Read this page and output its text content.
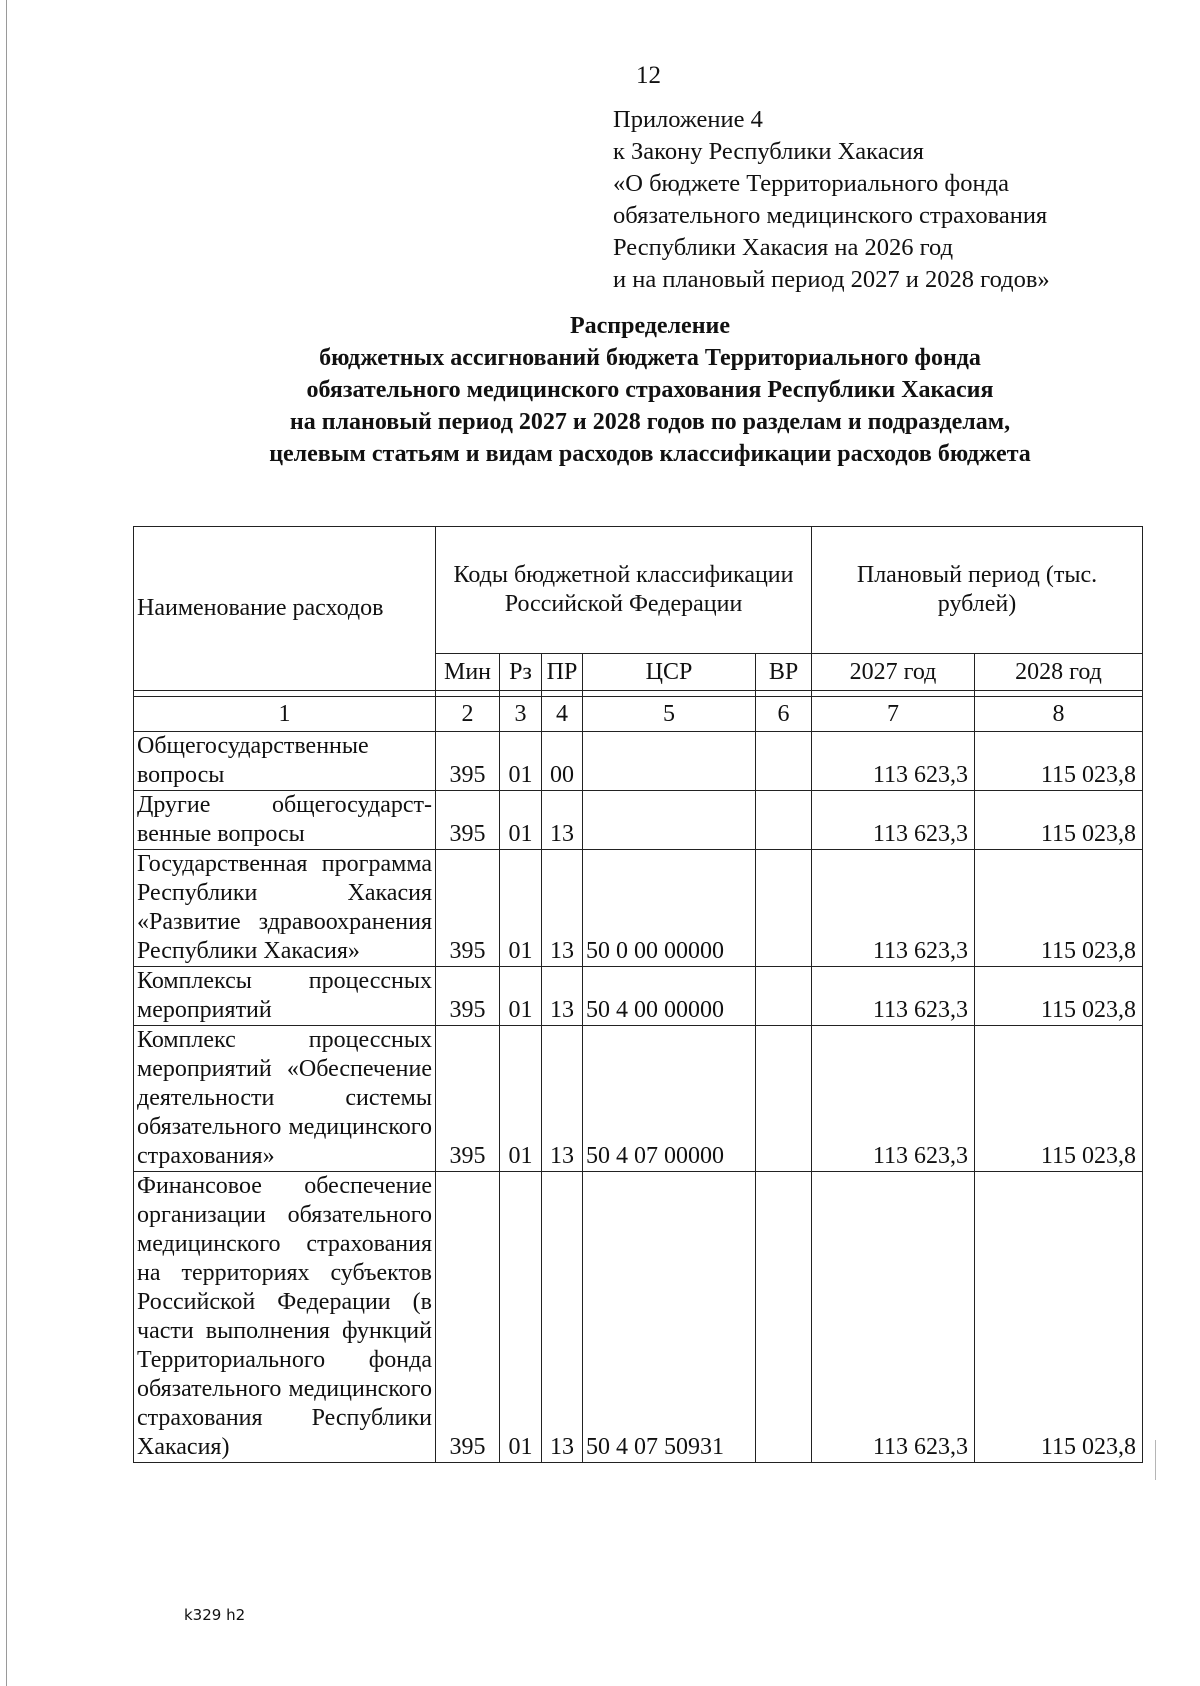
12
Приложение 4
к Закону Республики Хакасия
«О бюджете Территориального фонда
обязательного медицинского страхования
Республики Хакасия на 2026 год
и на плановый период 2027 и 2028 годов»
Распределение
бюджетных ассигнований бюджета Территориального фонда
обязательного медицинского страхования Республики Хакасия
на плановый период 2027 и 2028 годов по разделам и подразделам,
целевым статьям и видам расходов классификации расходов бюджета
Наименование расходов	Коды бюджетной классификации Российской Федерации					Плановый период (тыс. рублей)	
	Мин	Рз	ПР	ЦСР	ВР	2027 год	2028 год

1	2	3	4	5	6	7	8
Общегосударственные вопросы	395	01	00			113 623,3	115 023,8
Другие общегосударственные вопросы	395	01	13			113 623,3	115 023,8
Государственная программа Республики Хакасия «Развитие здравоохранения Республики Хакасия»	395	01	13	50 0 00 00000		113 623,3	115 023,8
Комплексы процессных мероприятий	395	01	13	50 4 00 00000		113 623,3	115 023,8
Комплекс процессных мероприятий «Обеспечение деятельности системы обязательного медицинского страхования»	395	01	13	50 4 07 00000		113 623,3	115 023,8
Финансовое обеспечение организации обязательного медицинского страхования на территориях субъектов Российской Федерации (в части выполнения функций Территориального фонда обязательного медицинского страхования Республики Хакасия)	395	01	13	50 4 07 50931		113 623,3	115 023,8
k329 h2
